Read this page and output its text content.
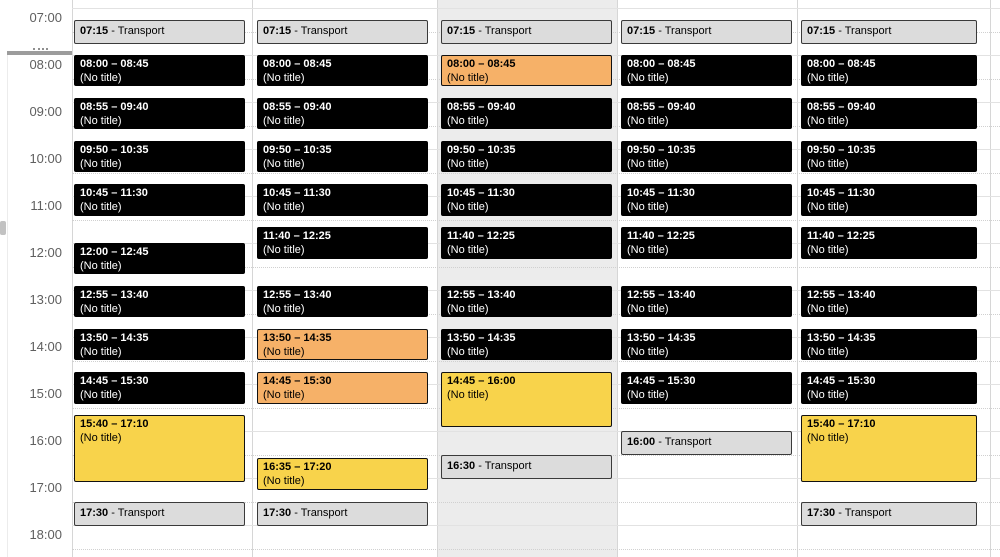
07:00
08:00
09:00
10:00
11:00
12:00
13:00
14:00
15:00
16:00
17:00
18:00
07:15 - Transport
08:00 – 08:45
(No title)
08:55 – 09:40
(No title)
09:50 – 10:35
(No title)
10:45 – 11:30
(No title)
12:00 – 12:45
(No title)
12:55 – 13:40
(No title)
13:50 – 14:35
(No title)
14:45 – 15:30
(No title)
15:40 – 17:10
(No title)
17:30 - Transport
07:15 - Transport
08:00 – 08:45
(No title)
08:55 – 09:40
(No title)
09:50 – 10:35
(No title)
10:45 – 11:30
(No title)
11:40 – 12:25
(No title)
12:55 – 13:40
(No title)
13:50 – 14:35
(No title)
14:45 – 15:30
(No title)
16:35 – 17:20
(No title)
17:30 - Transport
07:15 - Transport
08:00 – 08:45
(No title)
08:55 – 09:40
(No title)
09:50 – 10:35
(No title)
10:45 – 11:30
(No title)
11:40 – 12:25
(No title)
12:55 – 13:40
(No title)
13:50 – 14:35
(No title)
14:45 – 16:00
(No title)
16:30 - Transport
07:15 - Transport
08:00 – 08:45
(No title)
08:55 – 09:40
(No title)
09:50 – 10:35
(No title)
10:45 – 11:30
(No title)
11:40 – 12:25
(No title)
12:55 – 13:40
(No title)
13:50 – 14:35
(No title)
14:45 – 15:30
(No title)
16:00 - Transport
07:15 - Transport
08:00 – 08:45
(No title)
08:55 – 09:40
(No title)
09:50 – 10:35
(No title)
10:45 – 11:30
(No title)
11:40 – 12:25
(No title)
12:55 – 13:40
(No title)
13:50 – 14:35
(No title)
14:45 – 15:30
(No title)
15:40 – 17:10
(No title)
17:30 - Transport
